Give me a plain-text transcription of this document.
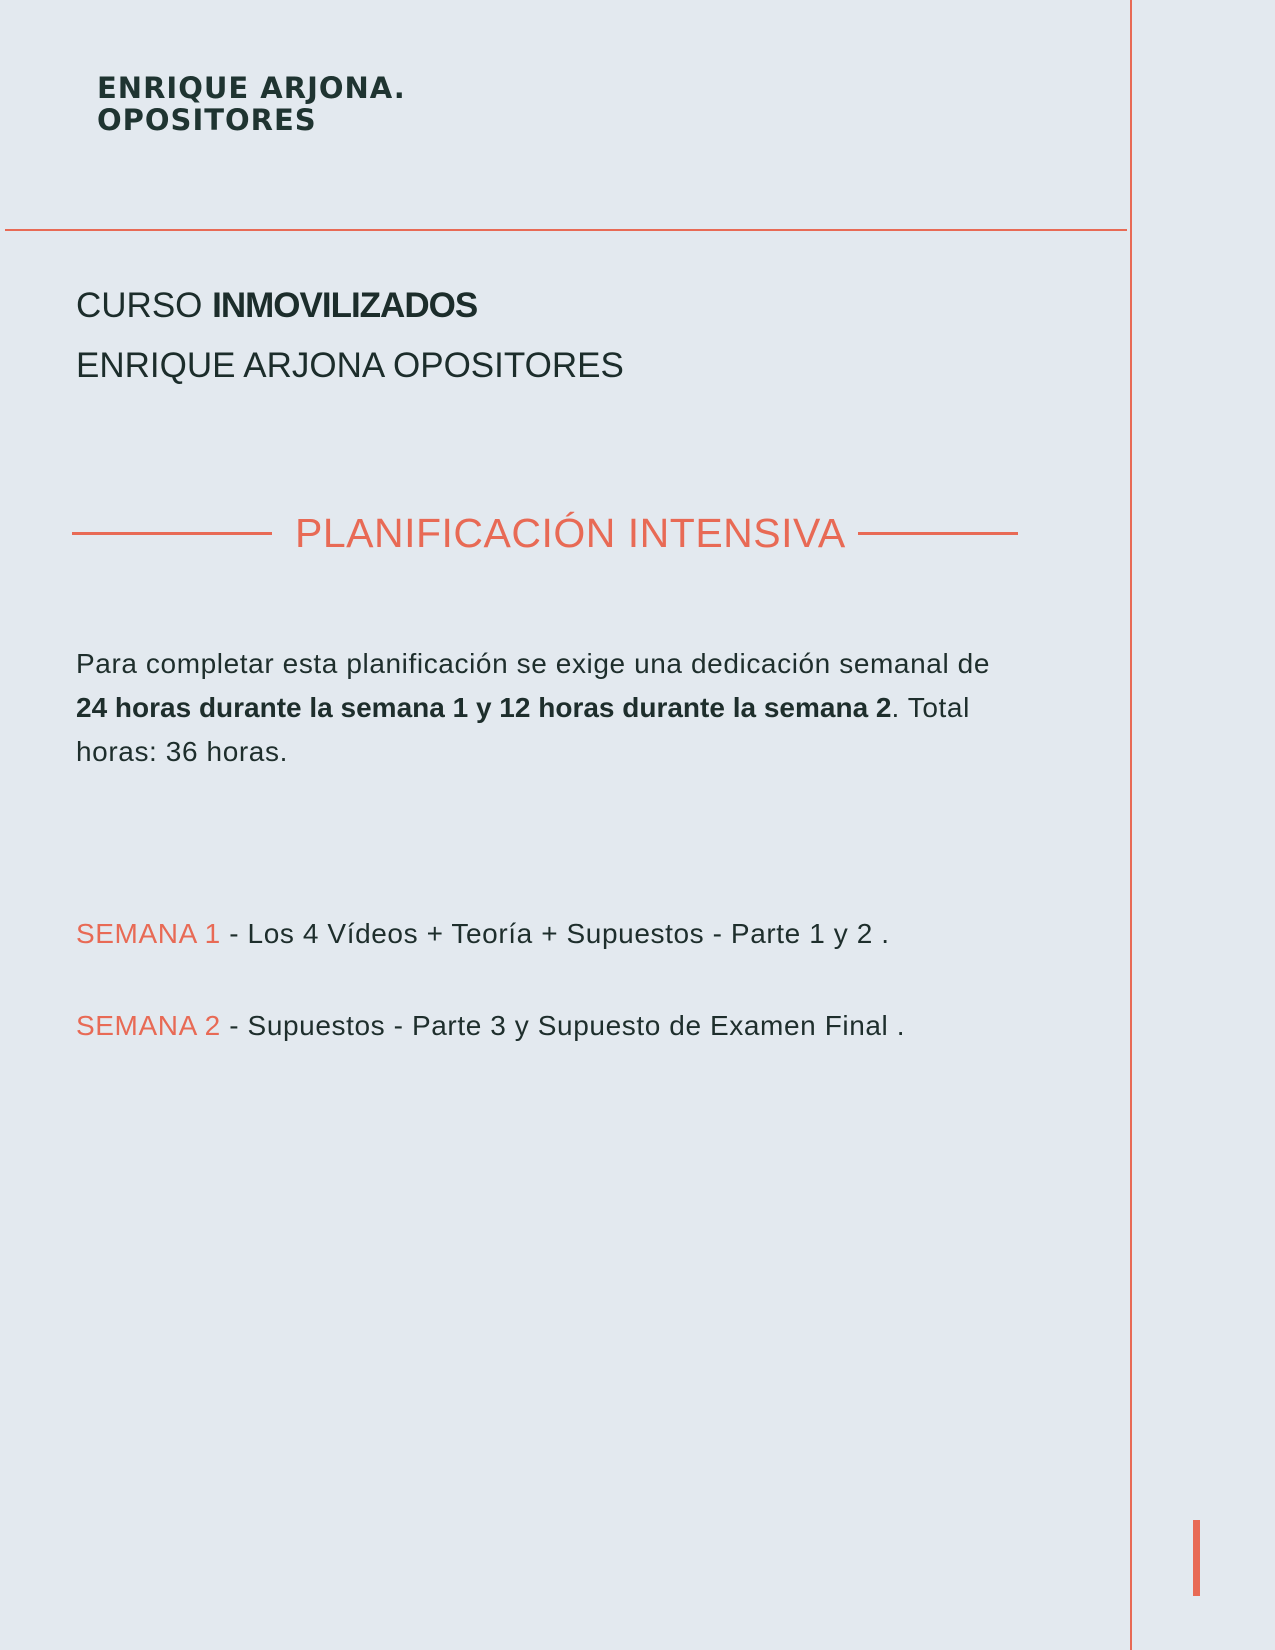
ENRIQUE ARJONA.
OPOSITORES
CURSO INMOVILIZADOS
ENRIQUE ARJONA OPOSITORES
PLANIFICACIÓN INTENSIVA
Para completar esta planificación se exige una dedicación semanal de 24 horas durante la semana 1 y 12 horas durante la semana 2. Total horas: 36 horas.
SEMANA 1 - Los 4 Vídeos + Teoría + Supuestos - Parte 1 y 2 .
SEMANA 2 - Supuestos - Parte 3 y Supuesto de Examen Final .
